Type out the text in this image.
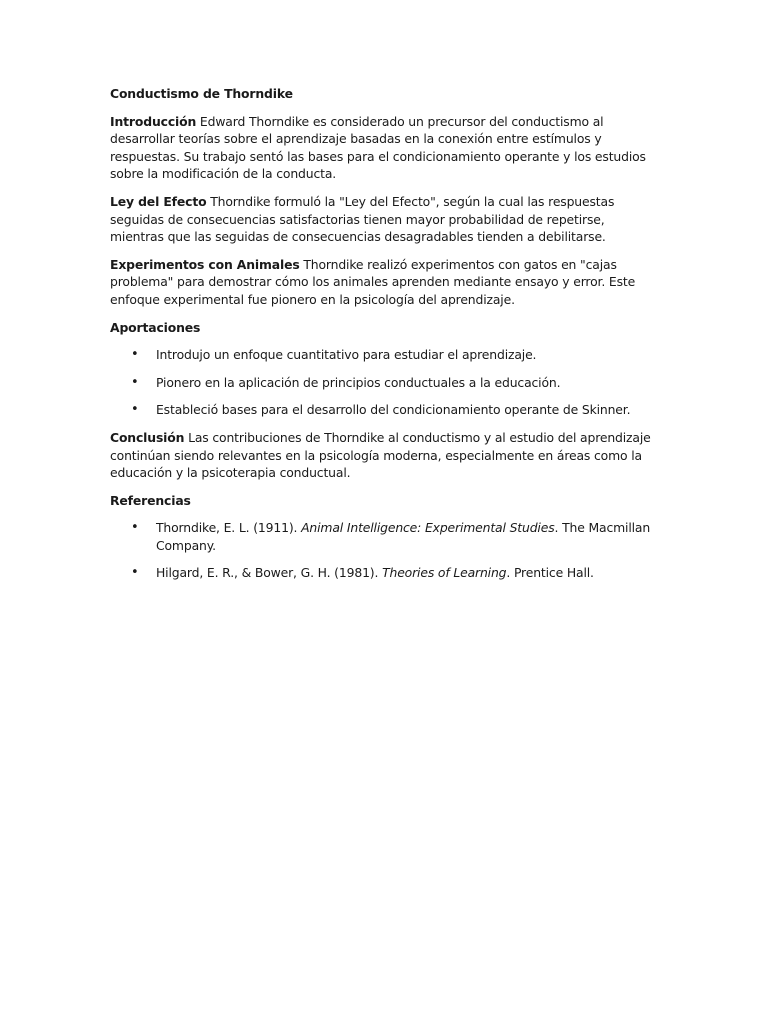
Conductismo de Thorndike

Introducción Edward Thorndike es considerado un precursor del conductismo al desarrollar teorías sobre el aprendizaje basadas en la conexión entre estímulos y respuestas. Su trabajo sentó las bases para el condicionamiento operante y los estudios sobre la modificación de la conducta.

Ley del Efecto Thorndike formuló la "Ley del Efecto", según la cual las respuestas seguidas de consecuencias satisfactorias tienen mayor probabilidad de repetirse, mientras que las seguidas de consecuencias desagradables tienden a debilitarse.

Experimentos con Animales Thorndike realizó experimentos con gatos en "cajas problema" para demostrar cómo los animales aprenden mediante ensayo y error. Este enfoque experimental fue pionero en la psicología del aprendizaje.

Aportaciones
• Introdujo un enfoque cuantitativo para estudiar el aprendizaje.
• Pionero en la aplicación de principios conductuales a la educación.
• Estableció bases para el desarrollo del condicionamiento operante de Skinner.

Conclusión Las contribuciones de Thorndike al conductismo y al estudio del aprendizaje continúan siendo relevantes en la psicología moderna, especialmente en áreas como la educación y la psicoterapia conductual.

Referencias
• Thorndike, E. L. (1911). Animal Intelligence: Experimental Studies. The Macmillan Company.
• Hilgard, E. R., & Bower, G. H. (1981). Theories of Learning. Prentice Hall.
